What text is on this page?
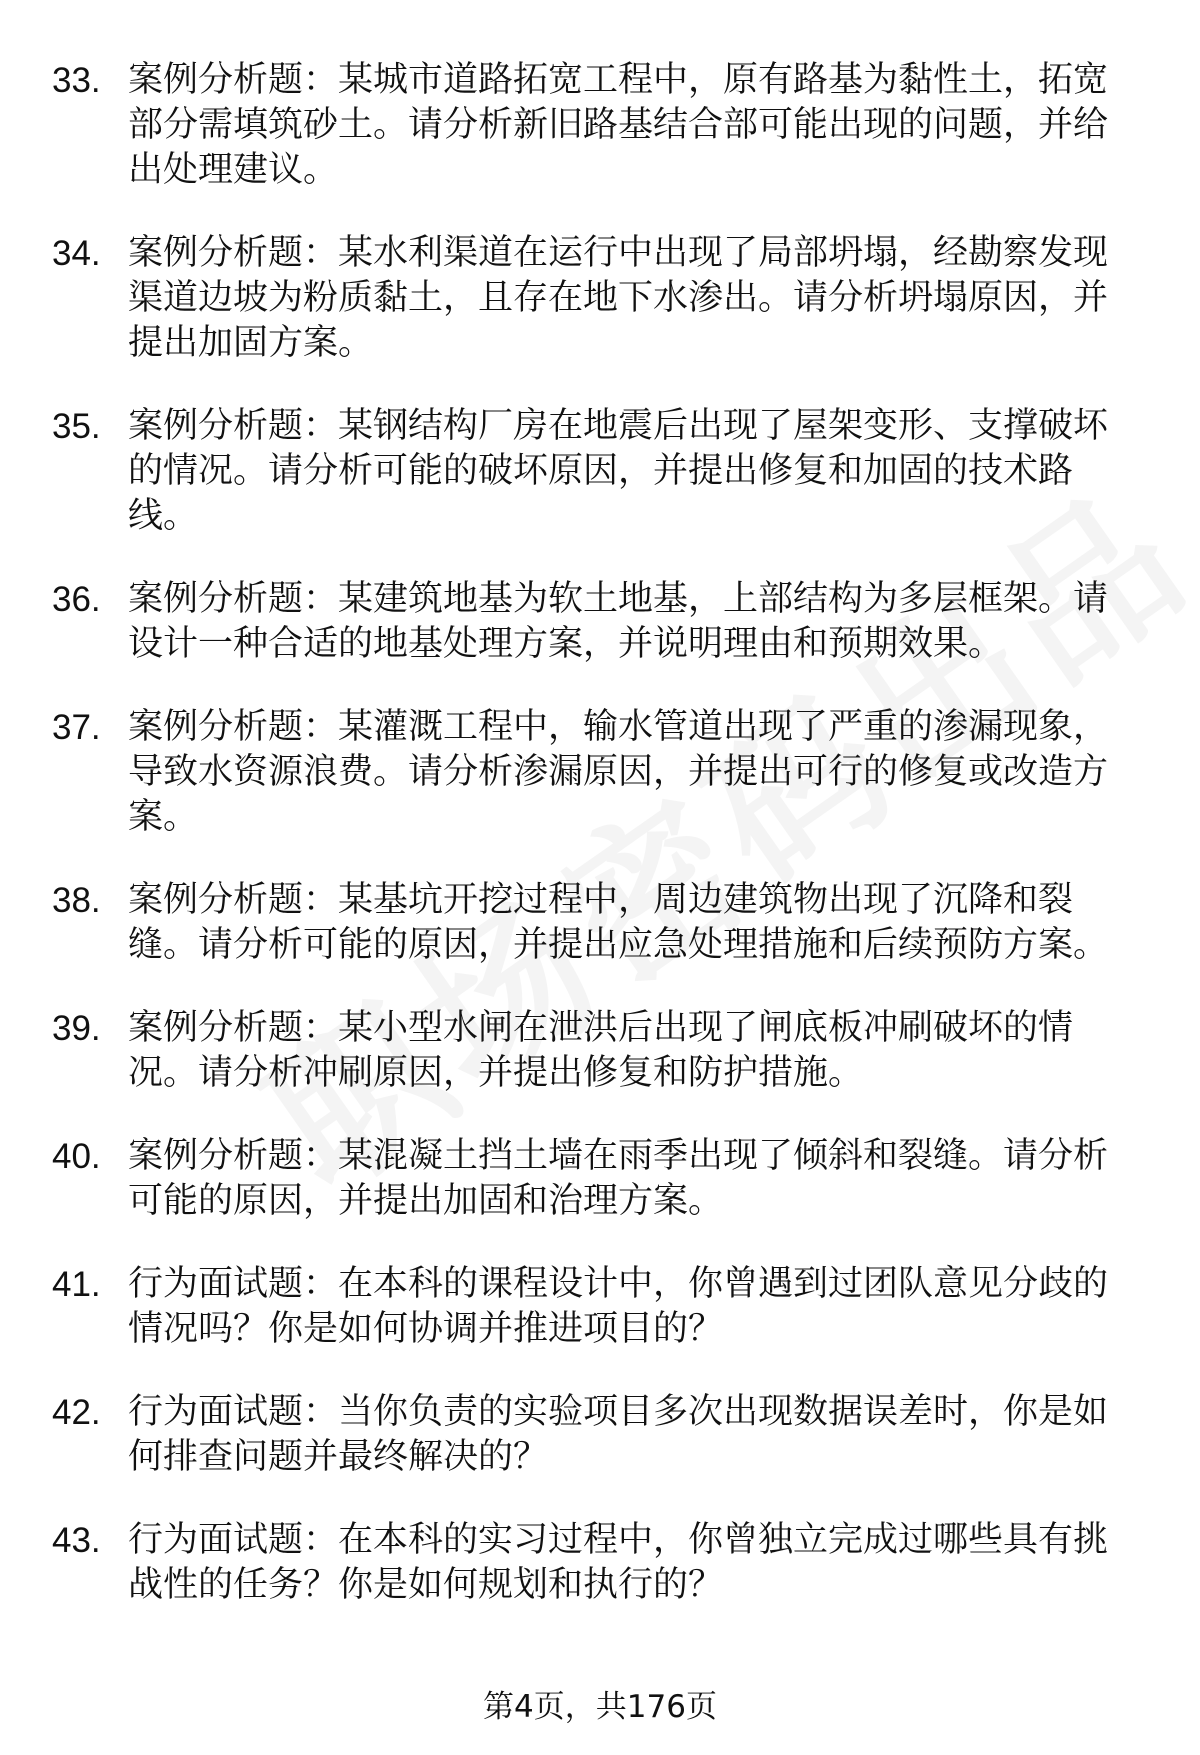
33. 案例分析题：某城市道路拓宽工程中，原有路基为黏性土，拓宽部分需填筑砂土。请分析新旧路基结合部可能出现的问题，并给出处理建议。
34. 案例分析题：某水利渠道在运行中出现了局部坍塌，经勘察发现渠道边坡为粉质黏土，且存在地下水渗出。请分析坍塌原因，并提出加固方案。
35. 案例分析题：某钢结构厂房在地震后出现了屋架变形、支撑破坏的情况。请分析可能的破坏原因，并提出修复和加固的技术路线。
36. 案例分析题：某建筑地基为软土地基，上部结构为多层框架。请设计一种合适的地基处理方案，并说明理由和预期效果。
37. 案例分析题：某灌溉工程中，输水管道出现了严重的渗漏现象，导致水资源浪费。请分析渗漏原因，并提出可行的修复或改造方案。
38. 案例分析题：某基坑开挖过程中，周边建筑物出现了沉降和裂缝。请分析可能的原因，并提出应急处理措施和后续预防方案。
39. 案例分析题：某小型水闸在泄洪后出现了闸底板冲刷破坏的情况。请分析冲刷原因，并提出修复和防护措施。
40. 案例分析题：某混凝土挡土墙在雨季出现了倾斜和裂缝。请分析可能的原因，并提出加固和治理方案。
41. 行为面试题：在本科的课程设计中，你曾遇到过团队意见分歧的情况吗？你是如何协调并推进项目的？
42. 行为面试题：当你负责的实验项目多次出现数据误差时，你是如何排查问题并最终解决的？
43. 行为面试题：在本科的实习过程中，你曾独立完成过哪些具有挑战性的任务？你是如何规划和执行的？
第4页，共176页
